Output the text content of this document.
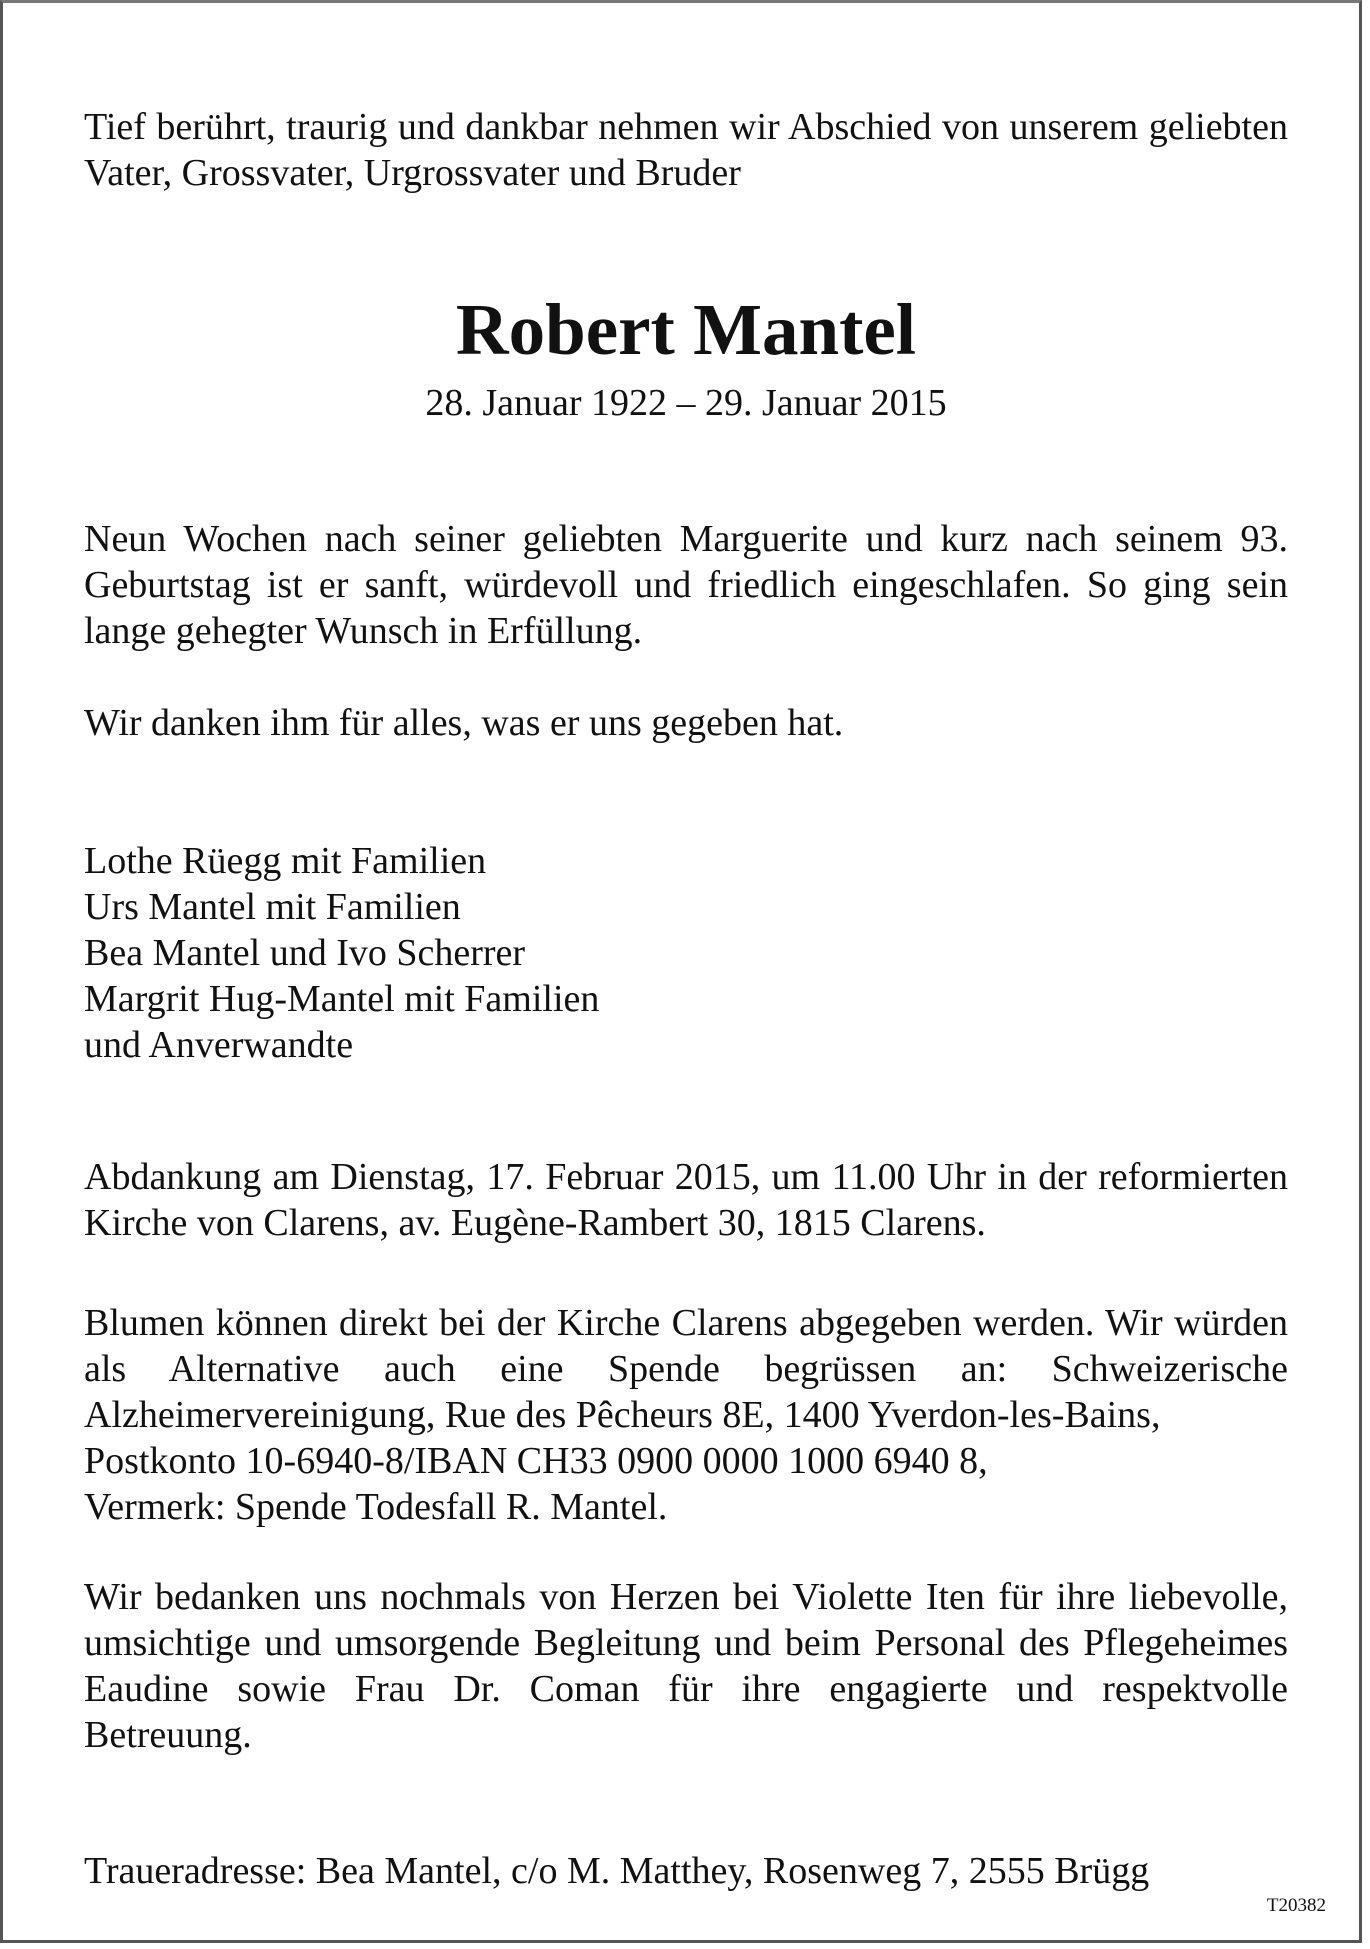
Tief berührt, traurig und dankbar nehmen wir Abschied von unserem geliebten Vater, Grossvater, Urgrossvater und Bruder

Robert Mantel

28. Januar 1922 – 29. Januar 2015

Neun Wochen nach seiner geliebten Marguerite und kurz nach seinem 93. Geburtstag ist er sanft, würdevoll und friedlich eingeschlafen. So ging sein lange gehegter Wunsch in Erfüllung.

Wir danken ihm für alles, was er uns gegeben hat.

Lothe Rüegg mit Familien
Urs Mantel mit Familien
Bea Mantel und Ivo Scherrer
Margrit Hug-Mantel mit Familien
und Anverwandte

Abdankung am Dienstag, 17. Februar 2015, um 11.00 Uhr in der reformierten Kirche von Clarens, av. Eugène-Rambert 30, 1815 Clarens.

Blumen können direkt bei der Kirche Clarens abgegeben werden. Wir würden als Alternative auch eine Spende begrüssen an: Schweizerische Alzheimervereinigung, Rue des Pêcheurs 8E, 1400 Yverdon-les-Bains,

Postkonto 10-6940-8/IBAN CH33 0900 0000 1000 6940 8,
Vermerk: Spende Todesfall R. Mantel.

Wir bedanken uns nochmals von Herzen bei Violette Iten für ihre liebevolle, umsichtige und umsorgende Begleitung und beim Personal des Pflegeheimes Eaudine sowie Frau Dr. Coman für ihre engagierte und respektvolle Betreuung.

Traueradresse: Bea Mantel, c/o M. Matthey, Rosenweg 7, 2555 Brügg

T20382
